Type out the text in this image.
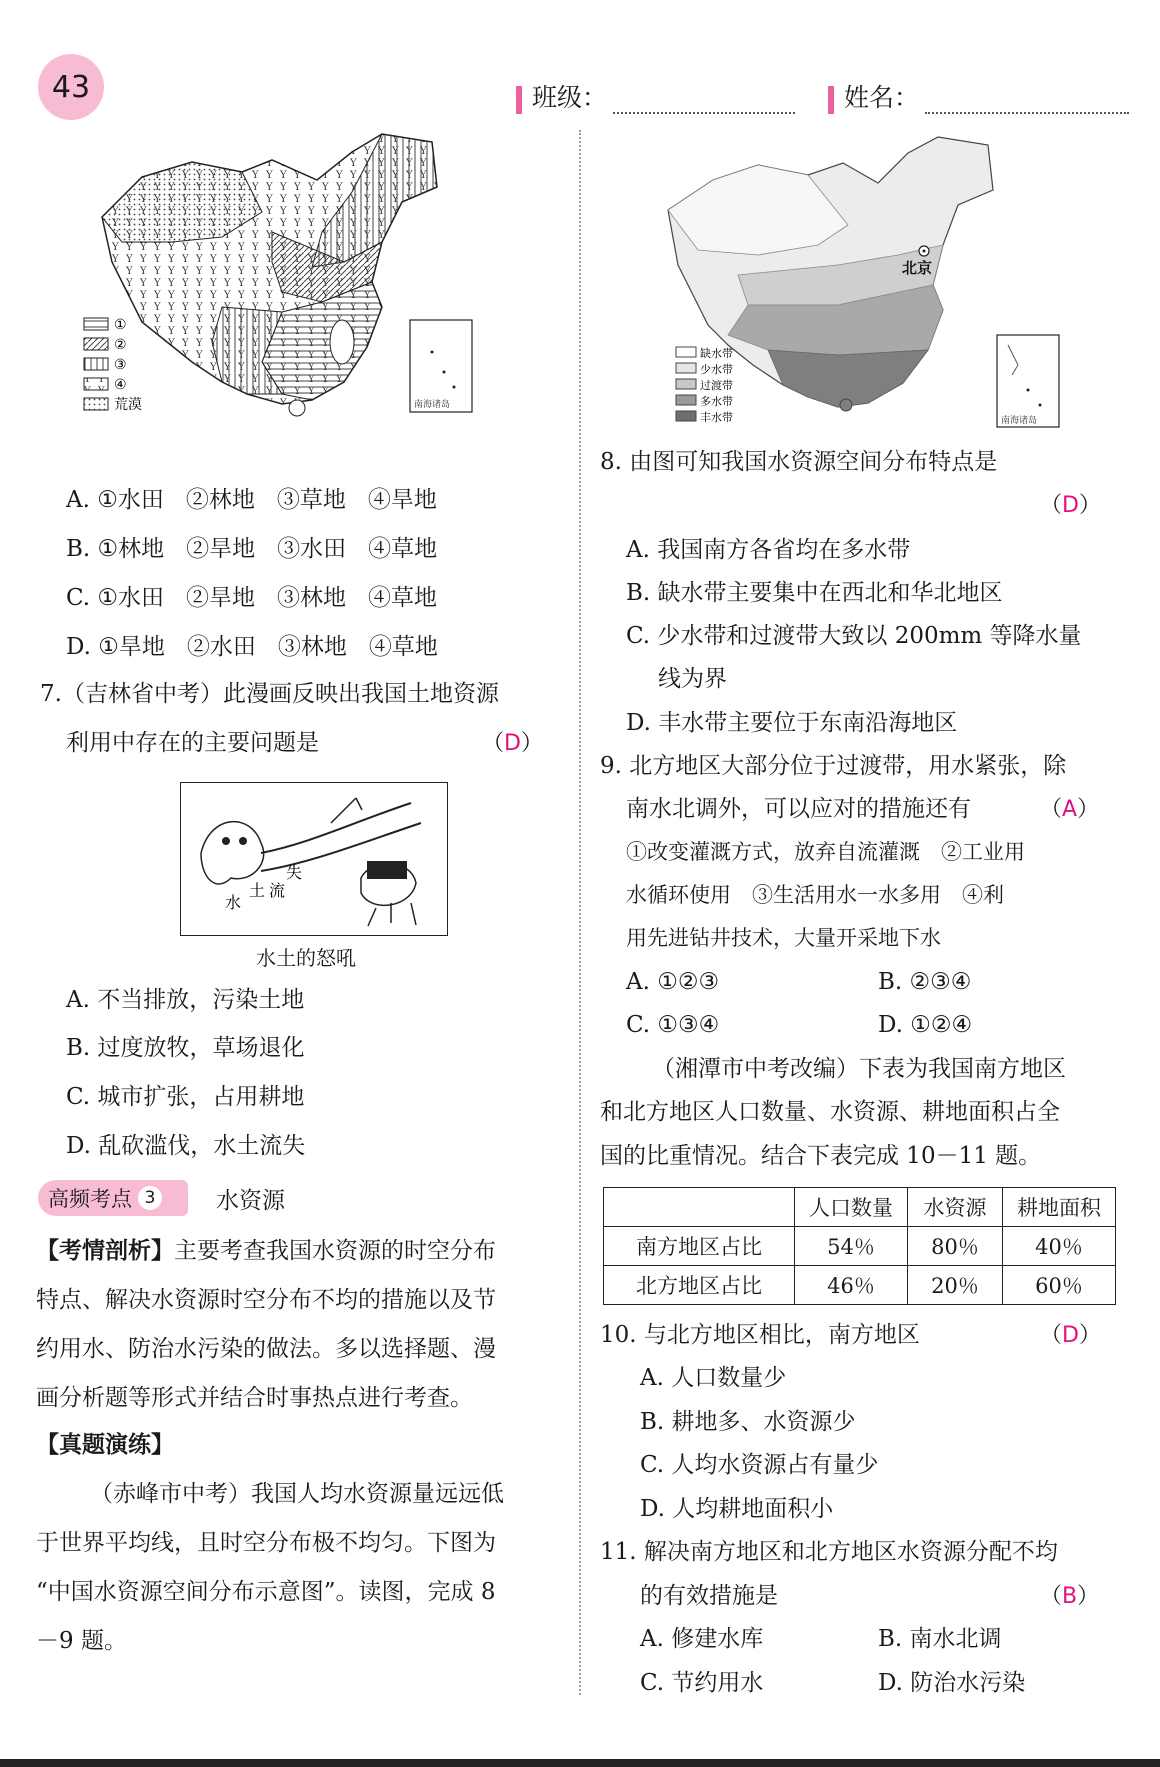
43	班级：	姓名：
南海诸岛
①
②
③
④
荒漠
A. ①水田 ②林地 ③草地 ④旱地
B. ①林地 ②旱地 ③水田 ④草地
C. ①水田 ②旱地 ③林地 ④草地
D. ①旱地 ②水田 ③林地 ④草地
7.（吉林省中考）此漫画反映出我国土地资源
利用中存在的主要问题是	（D）
失
水
土 流
水土的怒吼
A. 不当排放，污染土地
B. 过度放牧，草场退化
C. 城市扩张，占用耕地
D. 乱砍滥伐，水土流失
高频考点 3	水资源
【考情剖析】主要考查我国水资源的时空分布
特点、解决水资源时空分布不均的措施以及节
约用水、防治水污染的做法。多以选择题、漫
画分析题等形式并结合时事热点进行考查。
【真题演练】
（赤峰市中考）我国人均水资源量远远低
于世界平均线，且时空分布极不均匀。下图为
“中国水资源空间分布示意图”。读图，完成 8
－9 题。
北京
南海诸岛
缺水带
少水带
过渡带
多水带
丰水带
8. 由图可知我国水资源空间分布特点是
（D）
A. 我国南方各省均在多水带
B. 缺水带主要集中在西北和华北地区
C. 少水带和过渡带大致以 200mm 等降水量
线为界
D. 丰水带主要位于东南沿海地区
9. 北方地区大部分位于过渡带，用水紧张，除
南水北调外，可以应对的措施还有	（A）
①改变灌溉方式，放弃自流灌溉　②工业用
水循环使用　③生活用水一水多用　④利
用先进钻井技术，大量开采地下水
A. ①②③	B. ②③④
C. ①③④	D. ①②④
（湘潭市中考改编）下表为我国南方地区
和北方地区人口数量、水资源、耕地面积占全
国的比重情况。结合下表完成 10－11 题。
	人口数量	水资源	耕地面积
南方地区占比	54％	80％	40％
北方地区占比	46％	20％	60％
10. 与北方地区相比，南方地区	（D）
A. 人口数量少
B. 耕地多、水资源少
C. 人均水资源占有量少
D. 人均耕地面积小
11. 解决南方地区和北方地区水资源分配不均
的有效措施是	（B）
A. 修建水库	B. 南水北调
C. 节约用水	D. 防治水污染
